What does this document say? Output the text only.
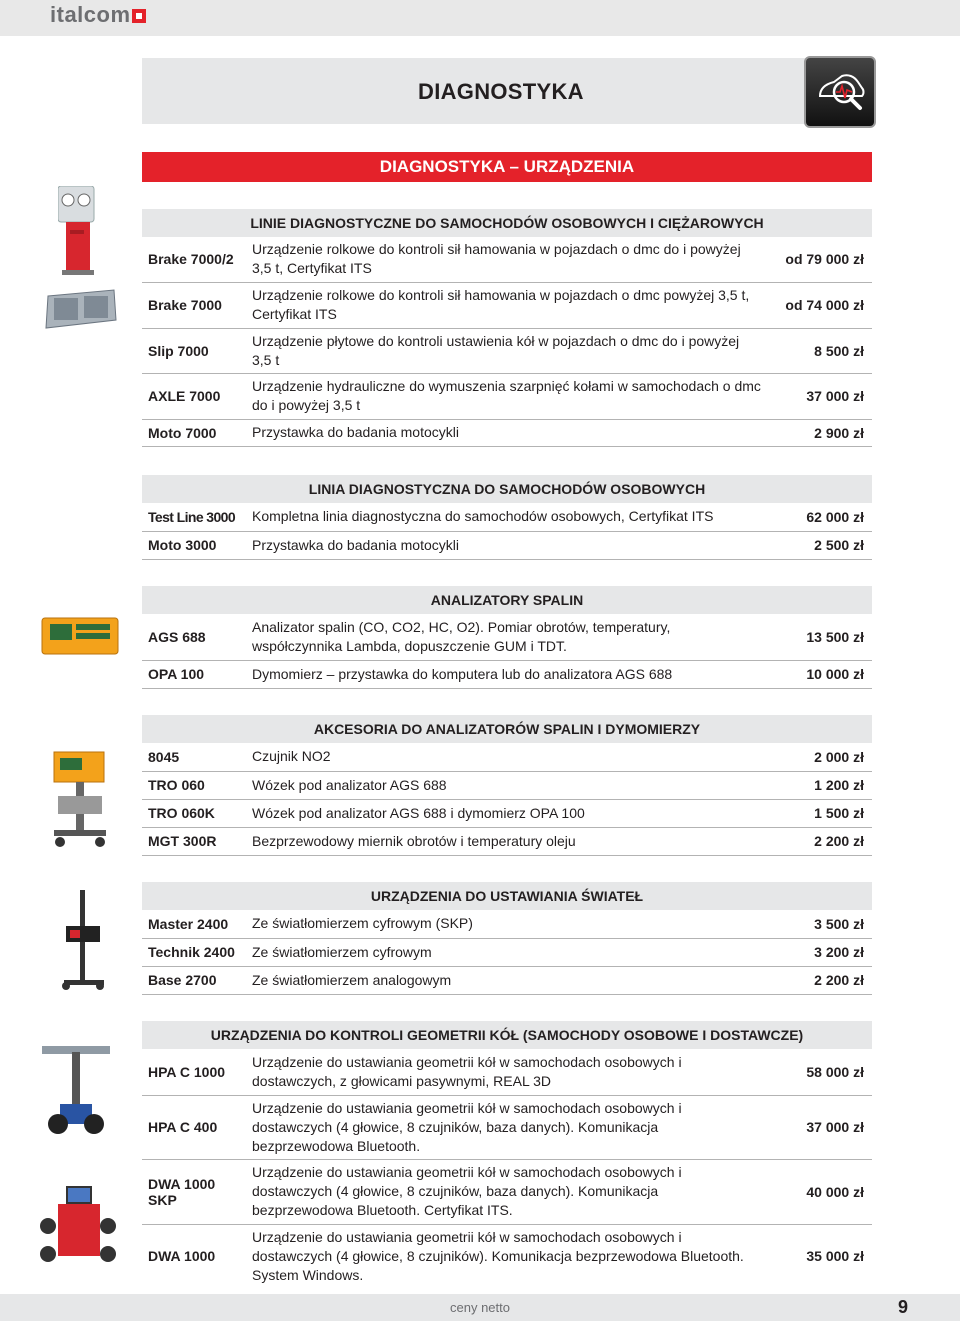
italcom
DIAGNOSTYKA
DIAGNOSTYKA – URZĄDZENIA
LINIE DIAGNOSTYCZNE DO SAMOCHODÓW OSOBOWYCH I CIĘŻAROWYCH
Brake 7000/2	Urządzenie rolkowe do kontroli sił hamowania w pojazdach o dmc do i powyżej 3,5 t, Certyfikat ITS	od 79 000 zł
Brake 7000	Urządzenie rolkowe do kontroli sił hamowania w pojazdach o dmc powyżej 3,5 t, Certyfikat ITS	od 74 000 zł
Slip 7000	Urządzenie płytowe do kontroli ustawienia kół w pojazdach o dmc do i powyżej 3,5 t	8 500 zł
AXLE 7000	Urządzenie hydrauliczne do wymuszenia szarpnięć kołami w samochodach o dmc do i powyżej 3,5 t	37 000 zł
Moto 7000	Przystawka do badania motocykli	2 900 zł
LINIA DIAGNOSTYCZNA DO SAMOCHODÓW OSOBOWYCH
Test Line 3000	Kompletna linia diagnostyczna do samochodów osobowych, Certyfikat ITS	62 000 zł
Moto 3000	Przystawka do badania motocykli	2 500 zł
ANALIZATORY SPALIN
AGS 688	Analizator spalin (CO, CO2, HC, O2). Pomiar obrotów, temperatury, współczynnika Lambda, dopuszczenie GUM i TDT.	13 500 zł
OPA 100	Dymomierz – przystawka do komputera lub do analizatora AGS 688	10 000 zł
AKCESORIA DO ANALIZATORÓW SPALIN I DYMOMIERZY
8045	Czujnik NO2	2 000 zł
TRO 060	Wózek pod analizator AGS 688	1 200 zł
TRO 060K	Wózek pod analizator AGS 688 i dymomierz OPA 100	1 500 zł
MGT 300R	Bezprzewodowy miernik obrotów i temperatury oleju	2 200 zł
URZĄDZENIA DO USTAWIANIA ŚWIATEŁ
Master 2400	Ze światłomierzem cyfrowym (SKP)	3 500 zł
Technik 2400	Ze światłomierzem cyfrowym	3 200 zł
Base 2700	Ze światłomierzem analogowym	2 200 zł
URZĄDZENIA DO KONTROLI GEOMETRII KÓŁ (SAMOCHODY OSOBOWE I DOSTAWCZE)
HPA C 1000	Urządzenie do ustawiania geometrii kół w samochodach osobowych i dostawczych, z głowicami pasywnymi, REAL 3D	58 000 zł
HPA C 400	Urządzenie do ustawiania geometrii kół w samochodach osobowych i dostawczych (4 głowice, 8 czujników, baza danych). Komunikacja bezprzewodowa Bluetooth.	37 000 zł
DWA 1000 SKP	Urządzenie do ustawiania geometrii kół w samochodach osobowych i dostawczych (4 głowice, 8 czujników, baza danych). Komunikacja bezprzewodowa Bluetooth. Certyfikat ITS.	40 000 zł
DWA 1000	Urządzenie do ustawiania geometrii kół w samochodach osobowych i dostawczych (4 głowice, 8 czujników). Komunikacja bezprzewodowa Bluetooth. System Windows.	35 000 zł
ceny netto	9
